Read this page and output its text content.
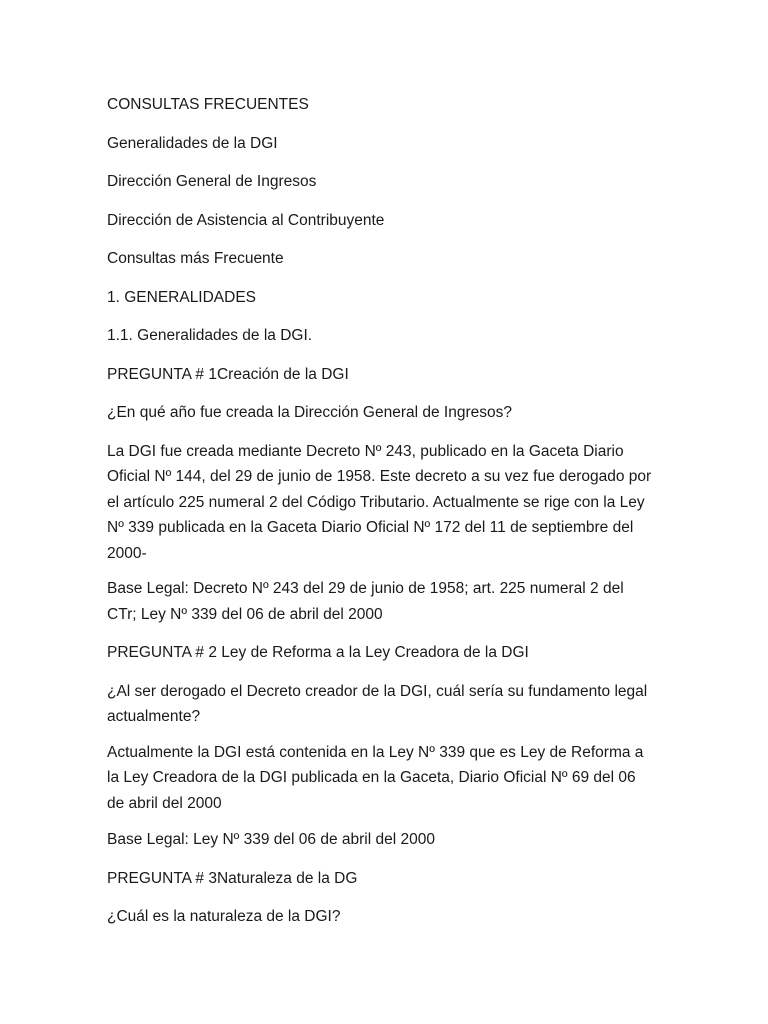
CONSULTAS FRECUENTES

Generalidades de la DGI

Dirección General de Ingresos

Dirección de Asistencia al Contribuyente

Consultas más Frecuente

1. GENERALIDADES

1.1. Generalidades de la DGI.

PREGUNTA # 1Creación de la DGI

¿En qué año fue creada la Dirección General de Ingresos?

La DGI fue creada mediante Decreto Nº 243, publicado en la Gaceta Diario Oficial Nº 144, del 29 de junio de 1958. Este decreto a su vez fue derogado por el artículo 225 numeral 2 del Código Tributario. Actualmente se rige con la Ley Nº 339 publicada en la Gaceta Diario Oficial Nº 172 del 11 de septiembre del 2000-

Base Legal: Decreto Nº 243 del 29 de junio de 1958; art. 225 numeral 2 del CTr; Ley Nº 339 del 06 de abril del 2000

PREGUNTA # 2 Ley de Reforma a la Ley Creadora de la DGI

¿Al ser derogado el Decreto creador de la DGI, cuál sería su fundamento legal actualmente?

Actualmente la DGI está contenida en la Ley Nº 339 que es Ley de Reforma a la Ley Creadora de la DGI publicada en la Gaceta, Diario Oficial Nº 69 del 06 de abril del 2000

Base Legal: Ley Nº 339 del 06 de abril del 2000

PREGUNTA # 3Naturaleza de la DG

¿Cuál es la naturaleza de la DGI?
